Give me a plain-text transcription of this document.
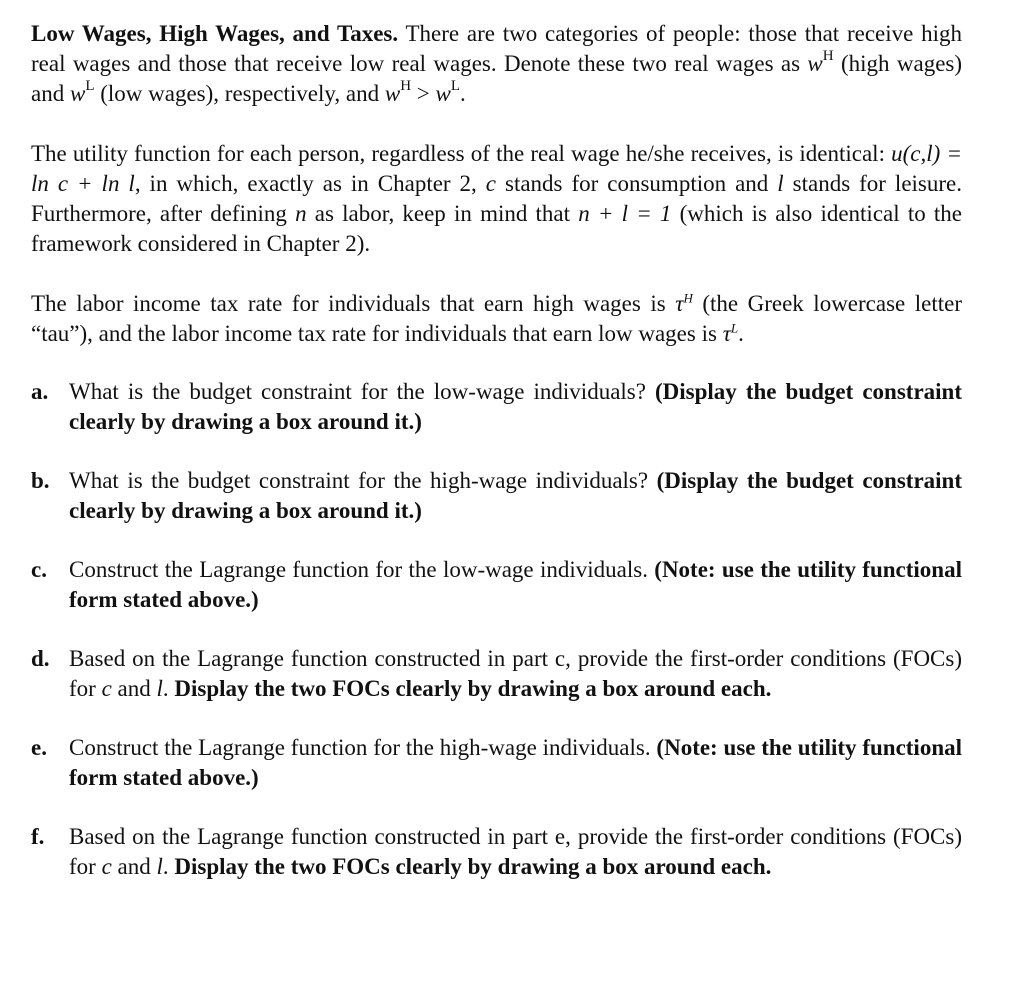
Low Wages, High Wages, and Taxes. There are two categories of people: those that receive high real wages and those that receive low real wages. Denote these two real wages as $w^H$ (high wages) and $w^L$ (low wages), respectively, and $w^H > w^L$.

The utility function for each person, regardless of the real wage he/she receives, is identical: u(c,l) = ln c + ln l, in which, exactly as in Chapter 2, c stands for consumption and l stands for leisure. Furthermore, after defining n as labor, keep in mind that n + l = 1 (which is also identical to the framework considered in Chapter 2).

The labor income tax rate for individuals that earn high wages is $\tau^H$ (the Greek lowercase letter “tau”), and the labor income tax rate for individuals that earn low wages is $\tau^L$.

a. What is the budget constraint for the low-wage individuals? (Display the budget constraint clearly by drawing a box around it.)
b. What is the budget constraint for the high-wage individuals? (Display the budget constraint clearly by drawing a box around it.)
c. Construct the Lagrange function for the low-wage individuals. (Note: use the utility functional form stated above.)
d. Based on the Lagrange function constructed in part c, provide the first-order conditions (FOCs) for c and l. Display the two FOCs clearly by drawing a box around each.
e. Construct the Lagrange function for the high-wage individuals. (Note: use the utility functional form stated above.)
f.	Based on the Lagrange function constructed in part e, provide the first-order conditions (FOCs) for c and l. Display the two FOCs clearly by drawing a box around each.
